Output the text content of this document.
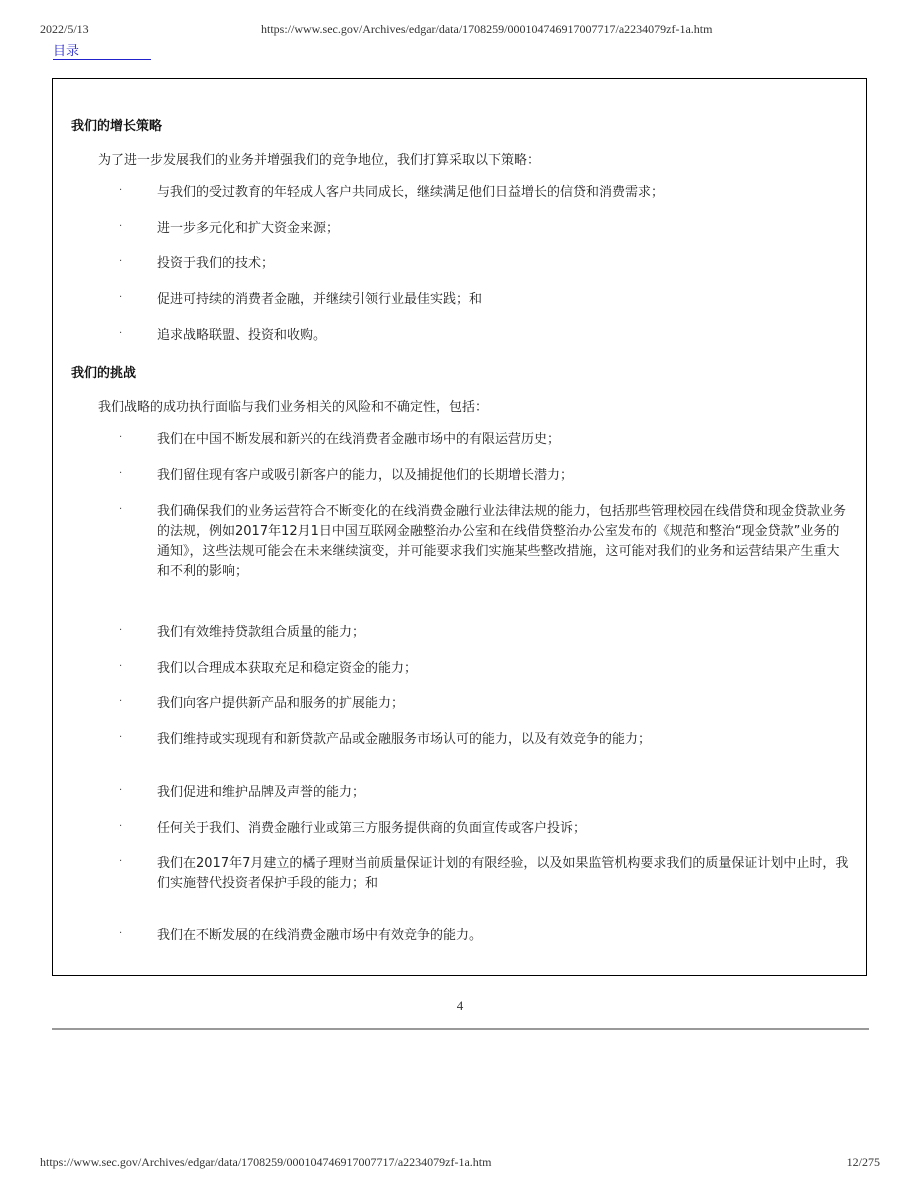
2022/5/13	https://www.sec.gov/Archives/edgar/data/1708259/000104746917007717/a2234079zf-1a.htm
目录
我们的增长策略
为了进一步发展我们的业务并增强我们的竞争地位，我们打算采取以下策略：
·	与我们的受过教育的年轻成人客户共同成长，继续满足他们日益增长的信贷和消费需求；
·	进一步多元化和扩大资金来源；
·	投资于我们的技术；
·	促进可持续的消费者金融，并继续引领行业最佳实践；和
·	追求战略联盟、投资和收购。
我们的挑战
我们战略的成功执行面临与我们业务相关的风险和不确定性，包括：
·	我们在中国不断发展和新兴的在线消费者金融市场中的有限运营历史；
·	我们留住现有客户或吸引新客户的能力，以及捕捉他们的长期增长潜力；
·	我们确保我们的业务运营符合不断变化的在线消费金融行业法律法规的能力，包括那些管理校园在线借贷和现金贷款业务的法规，例如2017年12月1日中国互联网金融整治办公室和在线借贷整治办公室发布的《规范和整治“现金贷款”业务的通知》，这些法规可能会在未来继续演变，并可能要求我们实施某些整改措施，这可能对我们的业务和运营结果产生重大和不利的影响；
·	我们有效维持贷款组合质量的能力；
·	我们以合理成本获取充足和稳定资金的能力；
·	我们向客户提供新产品和服务的扩展能力；
·	我们维持或实现现有和新贷款产品或金融服务市场认可的能力，以及有效竞争的能力；
·	我们促进和维护品牌及声誉的能力；
·	任何关于我们、消费金融行业或第三方服务提供商的负面宣传或客户投诉；
·	我们在2017年7月建立的橘子理财当前质量保证计划的有限经验，以及如果监管机构要求我们的质量保证计划中止时，我们实施替代投资者保护手段的能力；和
·	我们在不断发展的在线消费金融市场中有效竞争的能力。
4
https://www.sec.gov/Archives/edgar/data/1708259/000104746917007717/a2234079zf-1a.htm	12/275
